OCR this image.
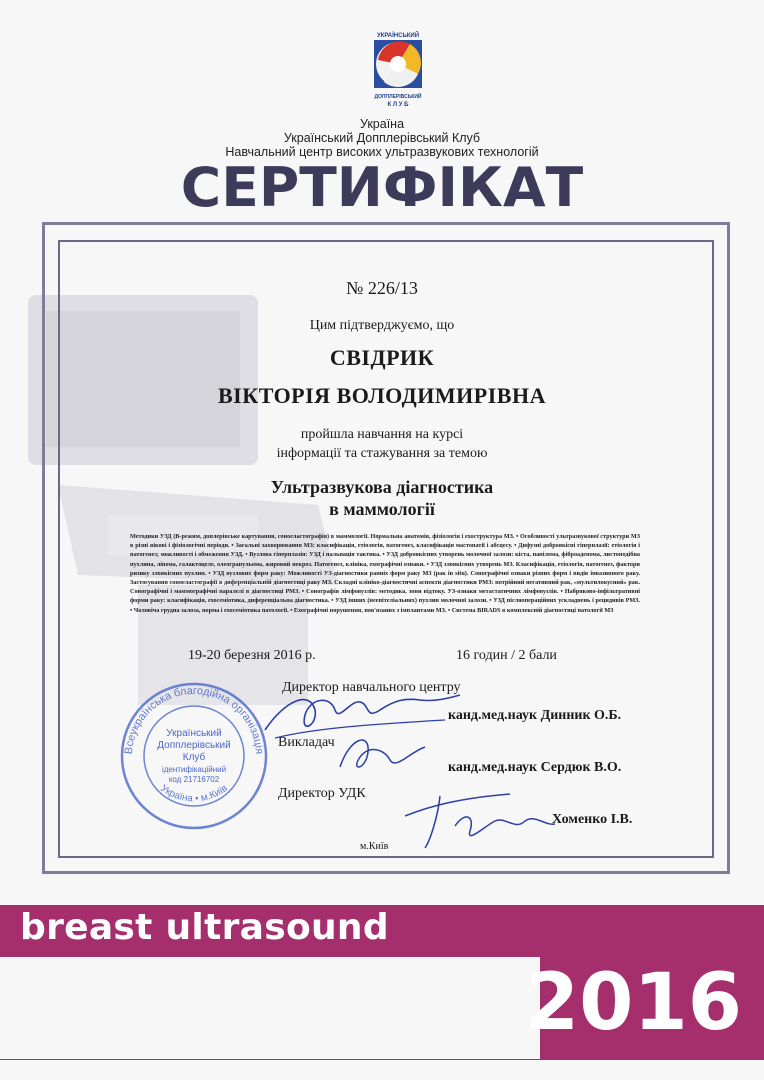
УКРАЇНСЬКИЙ
ДОППЛЕРІВСЬКИЙ
К Л У Б
Україна
Український Допплерівський Клуб
Навчальний центр високих ультразвукових технологій
СЕРТИФІКАТ
№ 226/13
Цим підтверджуємо, що
СВІДРИК
ВІКТОРІЯ ВОЛОДИМИРІВНА
пройшла навчання на курсі
інформації та стажування за темою
Ультразвукова діагностика
в маммології
Методики УЗД (B-режим, доплерівське картування, соноеластографія) в маммології. Нормальна анатомія, фізіологія і ехоструктура МЗ. • Особливості ультразвукової структури МЗ в різні вікові і фізіологічні періоди. • Загальні захворювання МЗ: класифікація, етіологія, патогенез, класифікація мастопатії і абсцесу. • Дифузні доброякісні гіперплазії: етіологія і патогенез; можливості і обмеження УЗД. • Вузлова гіперплазія: УЗД і пальпація тактика. • УЗД доброякісних утворень молочної залози: кіста, папілома, фіброаденома, листоподібна пухлина, ліпома, галактоцеле, олеогранульома, жировий некроз. Патогенез, клініка, ехографічні ознаки. • УЗД злоякісних утворень МЗ. Класифікація, етіологія, патогенез, фактори ризику злоякісних пухлин. • УЗД вузлових форм раку: Можливості УЗ-діагностики ранніх форм раку МЗ (рак in situ). Сонографічні ознаки різних форм і видів інвазивного раку. Застосування соноеластографії в диференціальній діагностиці раку МЗ. Складні клініко-діагностичні аспекти діагностики РМЗ: потрійний негативний рак, «мультилокусний» рак. Сонографічні і маммографічні паралелі в діагностиці РМЗ. • Сонографія лімфовузлів: методика, зони відтоку. УЗ-ознаки метастатичних лімфовузлів. • Набряково-інфільтративні форми раку: класифікація, ехосеміотика, диференціальна діагностика. • УЗД інших (неепітеліальних) пухлин молочної залози. • УЗД післяопераційних ускладнень і рецидивів РМЗ. • Чоловіча грудна залоза, норма і ехосеміотика патології. • Ехографічні порушення, пов'язаних з імплантами МЗ. • Система BIRADS в комплексній діагностиці патології МЗ
19-20 березня 2016 р.	16 годин / 2 бали
Всеукраїнська благодійна організація
Україна • м.Київ
Український
Допплерівський
Клуб
ідентифікаційний
код 21716702
Директор навчального центру
канд.мед.наук Динник О.Б.
Викладач
канд.мед.наук Сердюк В.О.
Директор УДК
Хоменко І.В.
м.Київ
breast ultrasound
2016
